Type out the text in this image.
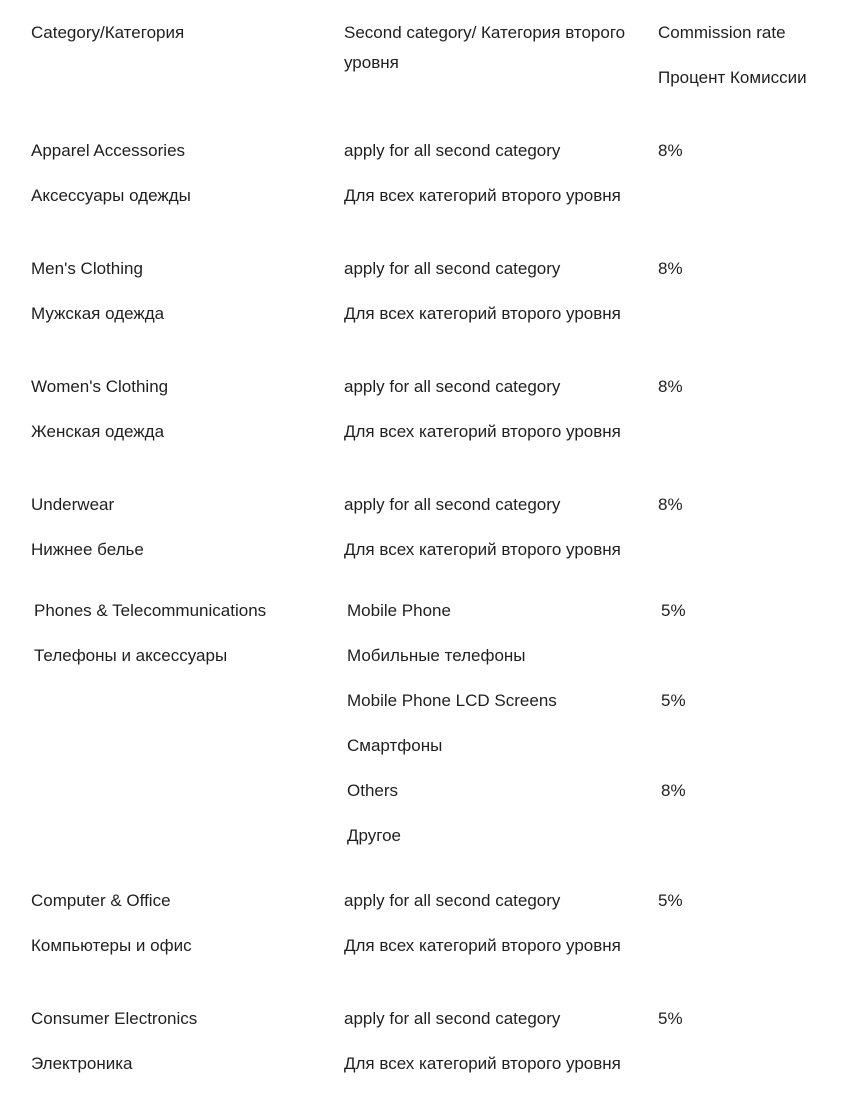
Category/Категория	Second category/ Категория второго
уровня
Commission rate
Процент Комиссии
Apparel Accessories
Аксессуары одежды
apply for all second category
Для всех категорий второго уровня
8%
Men's Clothing
Мужская одежда
apply for all second category
Для всех категорий второго уровня
8%
Women's Clothing
Женская одежда
apply for all second category
Для всех категорий второго уровня
8%
Underwear
Нижнее белье
apply for all second category
Для всех категорий второго уровня
8%
Phones & Telecommunications
Телефоны и аксессуары
Mobile Phone
Мобильные телефоны
5%
Mobile Phone LCD Screens
Смартфоны
5%
Others
Другое
8%
Computer & Office
Компьютеры и офис
apply for all second category
Для всех категорий второго уровня
5%
Consumer Electronics
Электроника
apply for all second category
Для всех категорий второго уровня
5%
